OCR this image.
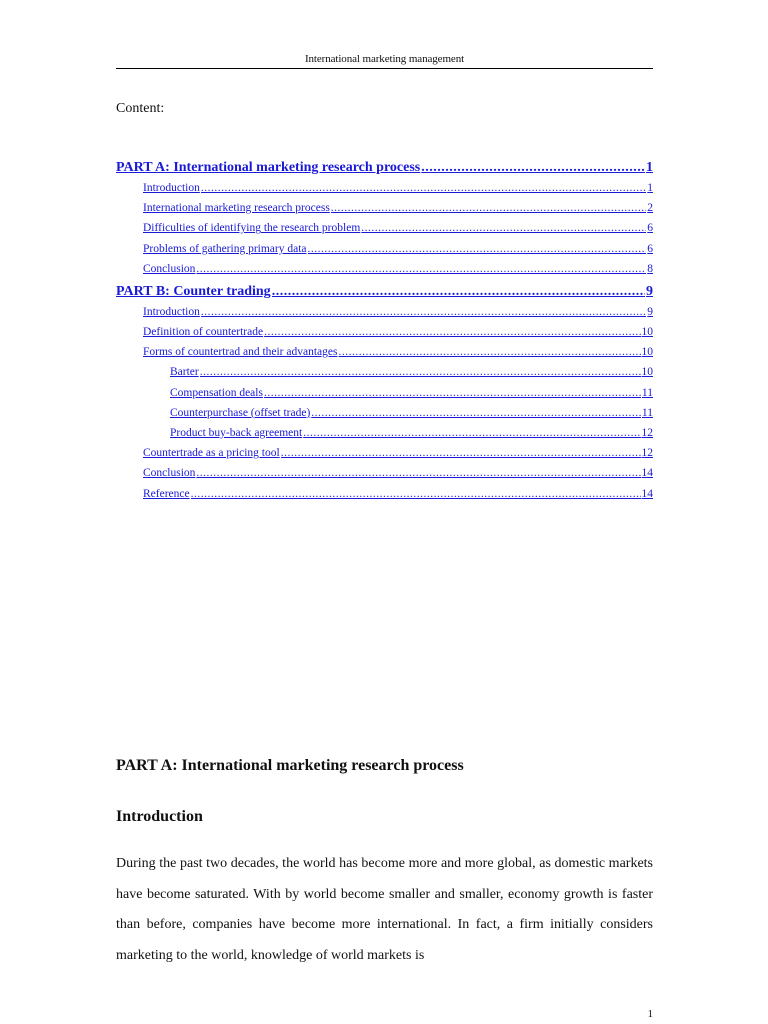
International marketing management
Content:
PART A: International marketing research process .....	1
Introduction .....	1
International marketing research process .....	2
Difficulties of identifying the research problem .....	6
Problems of gathering primary data .....	6
Conclusion .....	8
PART B: Counter trading .....	9
Introduction .....	9
Definition of countertrade .....	10
Forms of countertrad and their advantages .....	10
Barter .....	10
Compensation deals .....	11
Counterpurchase (offset trade) .....	11
Product buy-back agreement .....	12
Countertrade as a pricing tool .....	12
Conclusion .....	14
Reference .....	14
PART A: International marketing research process
Introduction

During the past two decades, the world has become more and more global, as domestic markets have become saturated. With by world become smaller and smaller, economy growth is faster than before, companies have become more international. In fact, a firm initially considers marketing to the world, knowledge of world markets is

1
